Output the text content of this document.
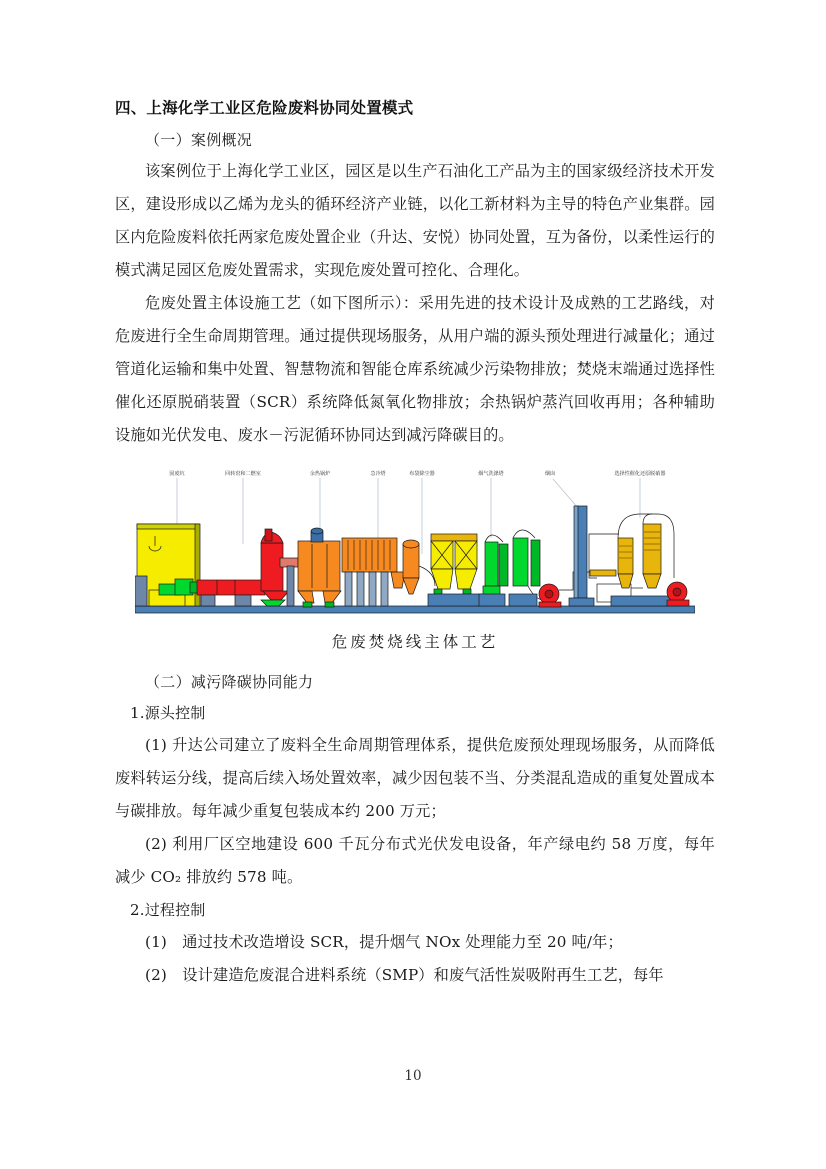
四、上海化学工业区危险废料协同处置模式

（一）案例概况

该案例位于上海化学工业区，园区是以生产石油化工产品为主的国家级经济技术开发区，建设形成以乙烯为龙头的循环经济产业链，以化工新材料为主导的特色产业集群。园区内危险废料依托两家危废处置企业（升达、安悦）协同处置，互为备份，以柔性运行的模式满足园区危废处置需求，实现危废处置可控化、合理化。

危废处置主体设施工艺（如下图所示）：采用先进的技术设计及成熟的工艺路线，对危废进行全生命周期管理。通过提供现场服务，从用户端的源头预处理进行减量化；通过管道化运输和集中处置、智慧物流和智能仓库系统减少污染物排放；焚烧末端通过选择性催化还原脱硝装置（SCR）系统降低氮氧化物排放；余热锅炉蒸汽回收再用；各种辅助设施如光伏发电、废水－污泥循环协同达到减污降碳目的。

固废坑	回转窑和二燃室	余热锅炉	急冷塔	布袋除尘器	烟气洗涤塔	烟囱	选择性催化还原脱硝器
危废焚烧线主体工艺

（二）减污降碳协同能力

1.源头控制

(1) 升达公司建立了废料全生命周期管理体系，提供危废预处理现场服务，从而降低废料转运分线，提高后续入场处置效率，减少因包装不当、分类混乱造成的重复处置成本与碳排放。每年减少重复包装成本约 200 万元；

(2) 利用厂区空地建设 600 千瓦分布式光伏发电设备，年产绿电约 58 万度，每年减少 CO₂ 排放约 578 吨。

2.过程控制

(1)　通过技术改造增设 SCR，提升烟气 NOx 处理能力至 20 吨/年；

(2)　设计建造危废混合进料系统（SMP）和废气活性炭吸附再生工艺，每年

10
